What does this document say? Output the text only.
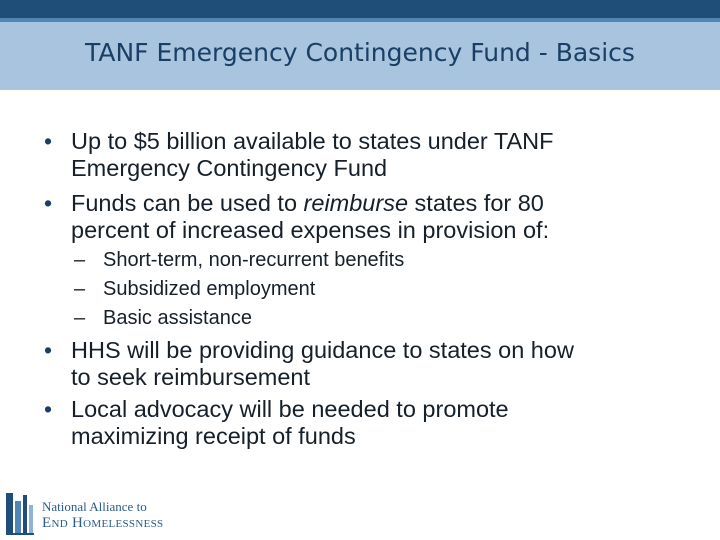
TANF Emergency Contingency Fund - Basics
• Up to $5 billion available to states under TANF
Emergency Contingency Fund
• Funds can be used to reimburse states for 80
percent of increased expenses in provision of:
– Short-term, non-recurrent benefits
– Subsidized employment
– Basic assistance
• HHS will be providing guidance to states on how
to seek reimbursement
• Local advocacy will be needed to promote
maximizing receipt of funds
National Alliance to
End Homelessness
